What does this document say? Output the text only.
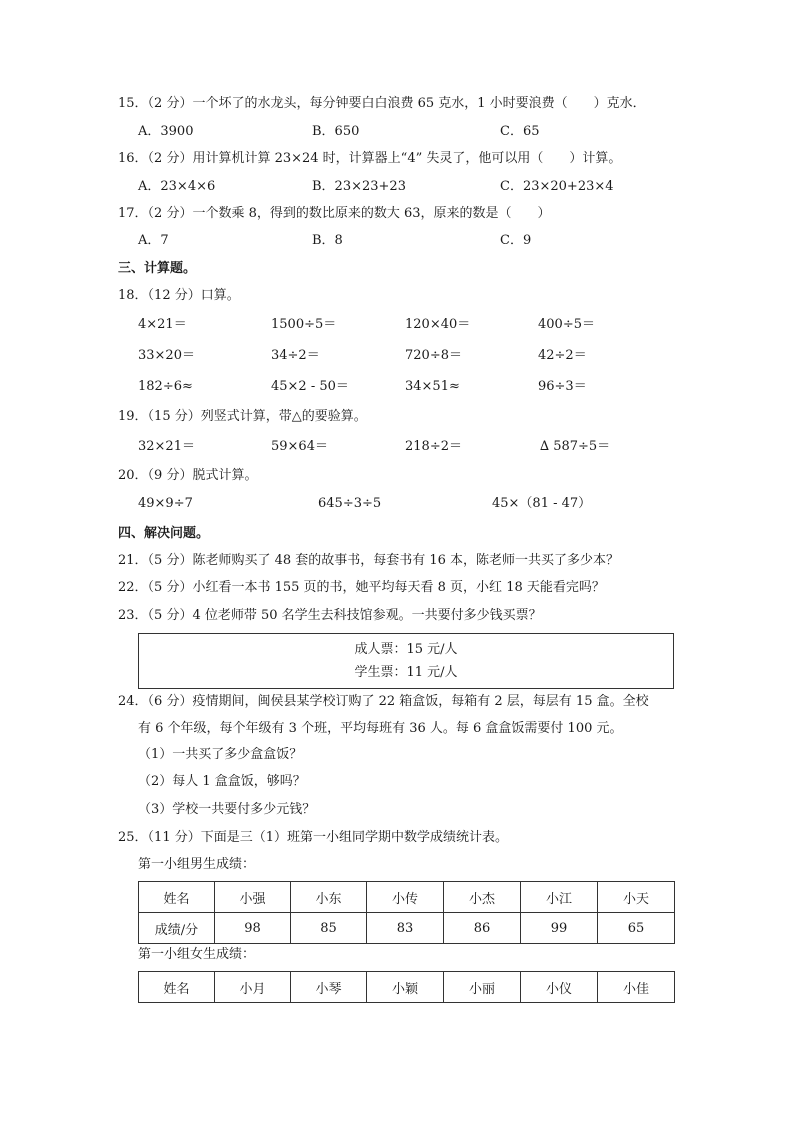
15．（2 分）一个坏了的水龙头，每分钟要白白浪费 65 克水，1 小时要浪费（　　）克水．
A．3900	B．650	C．65
16．（2 分）用计算机计算 23×24 时，计算器上“4” 失灵了，他可以用（　　）计算。
A．23×4×6	B．23×23+23	C．23×20+23×4
17．（2 分）一个数乘 8，得到的数比原来的数大 63，原来的数是（　　）
A．7	B．8	C．9
三、计算题。
18．（12 分）口算。
4×21＝	1500÷5＝	120×40＝	400÷5＝
33×20＝	34÷2＝	720÷8＝	42÷2＝
182÷6≈	45×2 - 50＝	34×51≈	96÷3＝
19．（15 分）列竖式计算，带△的要验算。
32×21＝	59×64＝	218÷2＝	∆ 587÷5＝
20．（9 分）脱式计算。
49×9÷7	645÷3÷5	45×（81 - 47）
四、解决问题。
21．（5 分）陈老师购买了 48 套的故事书，每套书有 16 本，陈老师一共买了多少本？
22．（5 分）小红看一本书 155 页的书，她平均每天看 8 页，小红 18 天能看完吗？
23．（5 分）4 位老师带 50 名学生去科技馆参观。一共要付多少钱买票？
成人票：15 元/人
学生票：11 元/人
24．（6 分）疫情期间，闽侯县某学校订购了 22 箱盒饭，每箱有 2 层，每层有 15 盒。全校
有 6 个年级，每个年级有 3 个班，平均每班有 36 人。每 6 盒盒饭需要付 100 元。
（1）一共买了多少盒盒饭？
（2）每人 1 盒盒饭，够吗？
（3）学校一共要付多少元钱？
25．（11 分）下面是三（1）班第一小组同学期中数学成绩统计表。
第一小组男生成绩：
姓名	小强	小东	小传	小杰	小江	小天
成绩/分	98	85	83	86	99	65
第一小组女生成绩：
姓名	小月	小琴	小颖	小丽	小仪	小佳
